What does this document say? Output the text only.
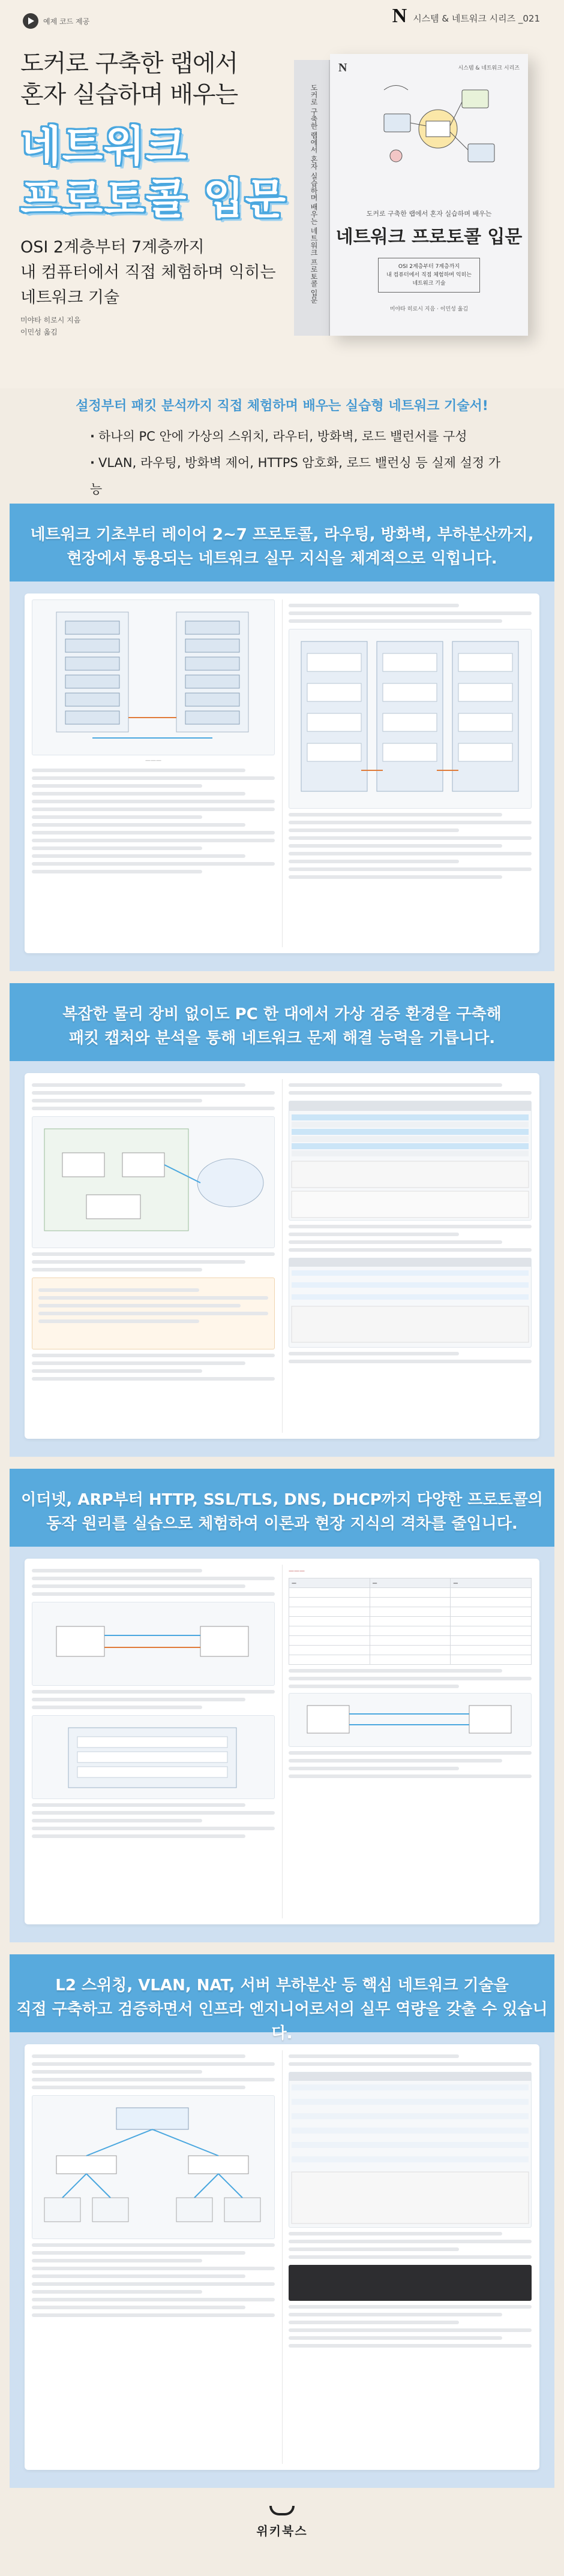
예제 코드 제공	N 시스템 & 네트워크 시리즈 _021
도커로 구축한 랩에서
혼자 실습하며 배우는
네트워크
프로토콜 입문
OSI 2계층부터 7계층까지
내 컴퓨터에서 직접 체험하며 익히는
네트워크 기술
미야타 히로시 지음
이민성 옮김
도커로 구축한 랩에서 혼자 실습하며 배우는 네트워크 프로토콜 입문
N	시스템 & 네트워크 시리즈
도커로 구축한 랩에서 혼자 실습하며 배우는
네트워크 프로토콜 입문
OSI 2계층부터 7계층까지
내 컴퓨터에서 직접 체험하며 익히는
네트워크 기술
미야타 히로시 지음 · 이민성 옮김
설정부터 패킷 분석까지 직접 체험하며 배우는 실습형 네트워크 기술서!
· 하나의 PC 안에 가상의 스위치, 라우터, 방화벽, 로드 밸런서를 구성
· VLAN, 라우팅, 방화벽 제어, HTTPS 암호화, 로드 밸런싱 등 실제 설정 가능
네트워크 기초부터 레이어 2~7 프로토콜, 라우팅, 방화벽, 부하분산까지,
현장에서 통용되는 네트워크 실무 지식을 체계적으로 익힙니다.
———
복잡한 물리 장비 없이도 PC 한 대에서 가상 검증 환경을 구축해
패킷 캡처와 분석을 통해 네트워크 문제 해결 능력을 기릅니다.
이더넷, ARP부터 HTTP, SSL/TLS, DNS, DHCP까지 다양한 프로토콜의
동작 원리를 실습으로 체험하여 이론과 현장 지식의 격차를 줄입니다.
———
—	—	—

L2 스위칭, VLAN, NAT, 서버 부하분산 등 핵심 네트워크 기술을
직접 구축하고 검증하면서 인프라 엔지니어로서의 실무 역량을 갖출 수 있습니다.
위키북스
